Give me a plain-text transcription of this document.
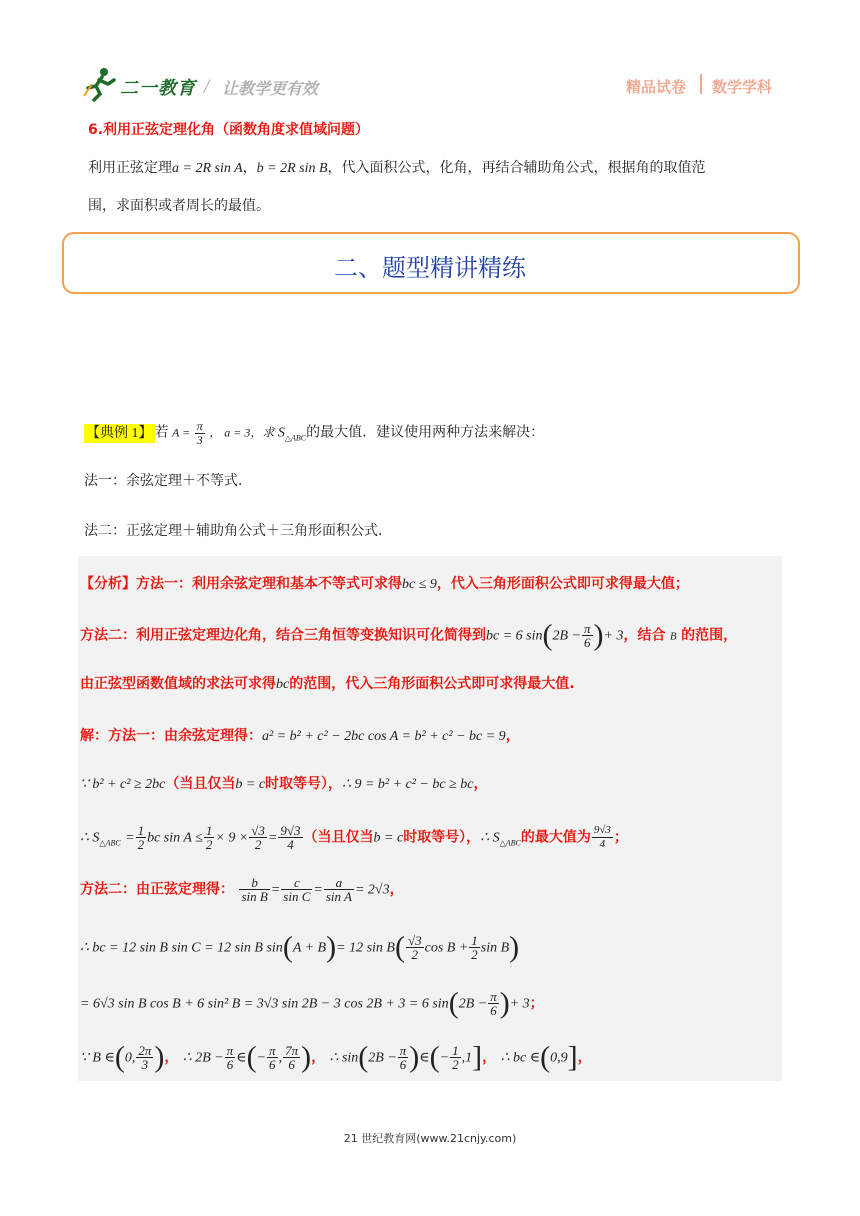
二一教育 / 让教学更有效	精品试卷 数学学科
6.利用正弦定理化角（函数角度求值域问题）
利用正弦定理a = 2R sin A，b = 2R sin B，代入面积公式，化角，再结合辅助角公式，根据角的取值范
围，求面积或者周长的最值。
二、题型精讲精练
【典例 1】 若 $A = \frac{\pi}{3}$ ， a = 3，求 $S_{\triangle ABC}$的最大值．建议使用两种方法来解决：
法一：余弦定理＋不等式．
法二：正弦定理＋辅助角公式＋三角形面积公式．
【分析】方法一：利用余弦定理和基本不等式可求得bc ≤ 9，代入三角形面积公式即可求得最大值；
方法二：利用正弦定理边化角，结合三角恒等变换知识可化简得到bc = 6 $\sin(2B - \frac{\pi}{6}$ )+ 3，结合 B 的范围，
由正弦型函数值域的求法可求得bc的范围，代入三角形面积公式即可求得最大值.
解：方法一：由余弦定理得：a² = b² + c² − 2bc cos A = b² + c² − bc = 9，
∵ b² + c² ≥ 2bc（当且仅当b = c时取等号），∴ 9 = b² + c² − bc ≥ bc，
∴ $S_{\triangle ABC} = \frac{1}{2}$ bc $\sin A \le \frac{1}{2} \times 9 \times \frac{√3}{2} = \frac{9√3}{4}$ （当且仅当b = c时取等号），∴ $S_{\triangle ABC}$的最大值为 $\frac{9√3}{4}$ ；
方法二：由正弦定理得： $\frac{b}{\text{sin B}} = \frac{c}{\text{sin C}} = \frac{a}{\text{sin A}} = 2√3$，
∴ bc = 12 sin B sin C = 12 sin B sin(A + B)= 12 $\sin B( \frac{√3}{2}$ $\cos B + \frac{1}{2}$ sin B)
= 6√3 sin B cos B + 6 sin² B = 3√3 sin 2B − 3 cos 2B + 3 = 6 $\sin(2B - \frac{\pi}{6}$ )+ 3；
∵ B ∈(0, $\frac{2\pi}{3}$ )， ∴ $2B - \frac{\pi}{6}$ ∈(− $\frac{\pi}{6}$ , $\frac{7\pi}{6}$ )， ∴ $\sin(2B - \frac{\pi}{6}$ )∈(− $\frac{1}{2} ,1$]， ∴ bc ∈(0,9]，
21 世纪教育网(www.21cnjy.com)
